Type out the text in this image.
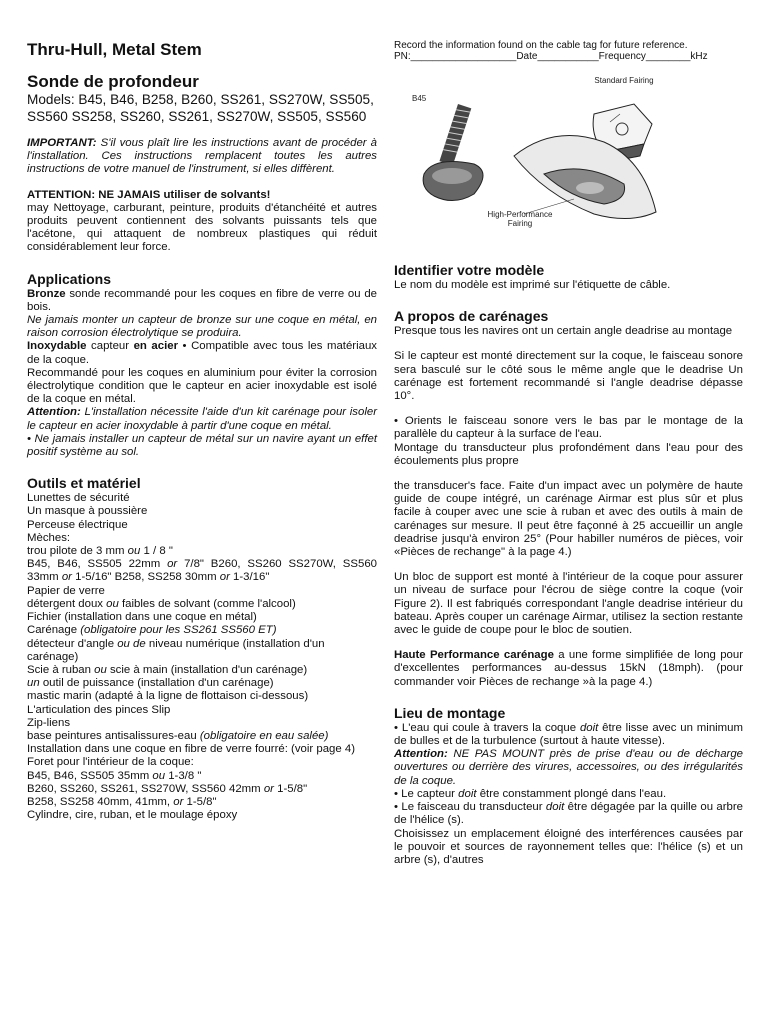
Thru-Hull, Metal Stem
Sonde de profondeur

Models: B45, B46, B258, B260, SS261, SS270W, SS505, SS560 SS258, SS260, SS261, SS270W, SS505, SS560

IMPORTANT: S'il vous plaît lire les instructions avant de procéder à l'installation. Ces instructions remplacent toutes les autres instructions de votre manuel de l'instrument, si elles diffèrent.

ATTENTION: NE JAMAIS utiliser de solvants!

may Nettoyage, carburant, peinture, produits d'étanchéité et autres produits peuvent contiennent des solvants puissants tels que l'acétone, qui attaquent de nombreux plastiques qui réduit considérablement leur force.

Applications

Bronze sonde recommandé pour les coques en fibre de verre ou de bois.

Ne jamais monter un capteur de bronze sur une coque en métal, en raison corrosion électrolytique se produira.

Inoxydable capteur en acier • Compatible avec tous les matériaux de la coque.

Recommandé pour les coques en aluminium pour éviter la corrosion électrolytique condition que le capteur en acier inoxydable est isolé de la coque en métal.

Attention: L'installation nécessite l'aide d'un kit carénage pour isoler le capteur en acier inoxydable à partir d'une coque en métal.

• Ne jamais installer un capteur de métal sur un navire ayant un effet positif système au sol.

Outils et matériel

Lunettes de sécurité

Un masque à poussière

Perceuse électrique

Mèches:

trou pilote de 3 mm ou 1 / 8 "

B45, B46, SS505 22mm or 7/8" B260, SS260 SS270W, SS560 33mm or 1-5/16" B258, SS258 30mm or 1-3/16"

Papier de verre

détergent doux ou faibles de solvant (comme l'alcool)

Fichier (installation dans une coque en métal)

Carénage (obligatoire pour les SS261 SS560 ET)

détecteur d'angle ou de niveau numérique (installation d'un carénage)

Scie à ruban ou scie à main (installation d'un carénage)

un outil de puissance (installation d'un carénage)

mastic marin (adapté à la ligne de flottaison ci-dessous)

L'articulation des pinces Slip

Zip-liens

base peintures antisalissures-eau (obligatoire en eau salée)

Installation dans une coque en fibre de verre fourré: (voir page 4)

Foret pour l'intérieur de la coque:

B45, B46, SS505 35mm ou 1-3/8 "

B260, SS260, SS261, SS270W, SS560 42mm or 1-5/8"

B258, SS258 40mm, 41mm, or 1-5/8"

Cylindre, cire, ruban, et le moulage époxy

Record the information found on the cable tag for future reference.

PN:___________________Date___________Frequency________kHz

B45
Standard Fairing
High-Performance Fairing
Identifier votre modèle

Le nom du modèle est imprimé sur l'étiquette de câble.

A propos de carénages

Presque tous les navires ont un certain angle deadrise au montage

Si le capteur est monté directement sur la coque, le faisceau sonore sera basculé sur le côté sous le même angle que le deadrise Un carénage est fortement recommandé si l'angle deadrise dépasse 10°.

• Orients le faisceau sonore vers le bas par le montage de la parallèle du capteur à la surface de l'eau.

Montage du transducteur plus profondément dans l'eau pour des écoulements plus propre

the transducer's face. Faite d'un impact avec un polymère de haute guide de coupe intégré, un carénage Airmar est plus sûr et plus facile à couper avec une scie à ruban et avec des outils à main de carénages sur mesure. Il peut être façonné à 25 accueillir un angle deadrise jusqu'à environ 25° (Pour habiller numéros de pièces, voir «Pièces de rechange" à la page 4.)

Un bloc de support est monté à l'intérieur de la coque pour assurer un niveau de surface pour l'écrou de siège contre la coque (voir Figure 2). Il est fabriqués correspondant l'angle deadrise intérieur du bateau. Après couper un carénage Airmar, utilisez la section restante avec le guide de coupe pour le bloc de soutien.

Haute Performance carénage a une forme simplifiée de long pour d'excellentes performances au-dessus 15kN (18mph). (pour commander voir Pièces de rechange »à la page 4.)

Lieu de montage

• L'eau qui coule à travers la coque doit être lisse avec un minimum de bulles et de la turbulence (surtout à haute vitesse).

Attention: NE PAS MOUNT près de prise d'eau ou de décharge ouvertures ou derrière des virures, accessoires, ou des irrégularités de la coque.

• Le capteur doit être constamment plongé dans l'eau.

• Le faisceau du transducteur doit être dégagée par la quille ou arbre de l'hélice (s).

Choisissez un emplacement éloigné des interférences causées par le pouvoir et sources de rayonnement telles que: l'hélice (s) et un arbre (s), d'autres
